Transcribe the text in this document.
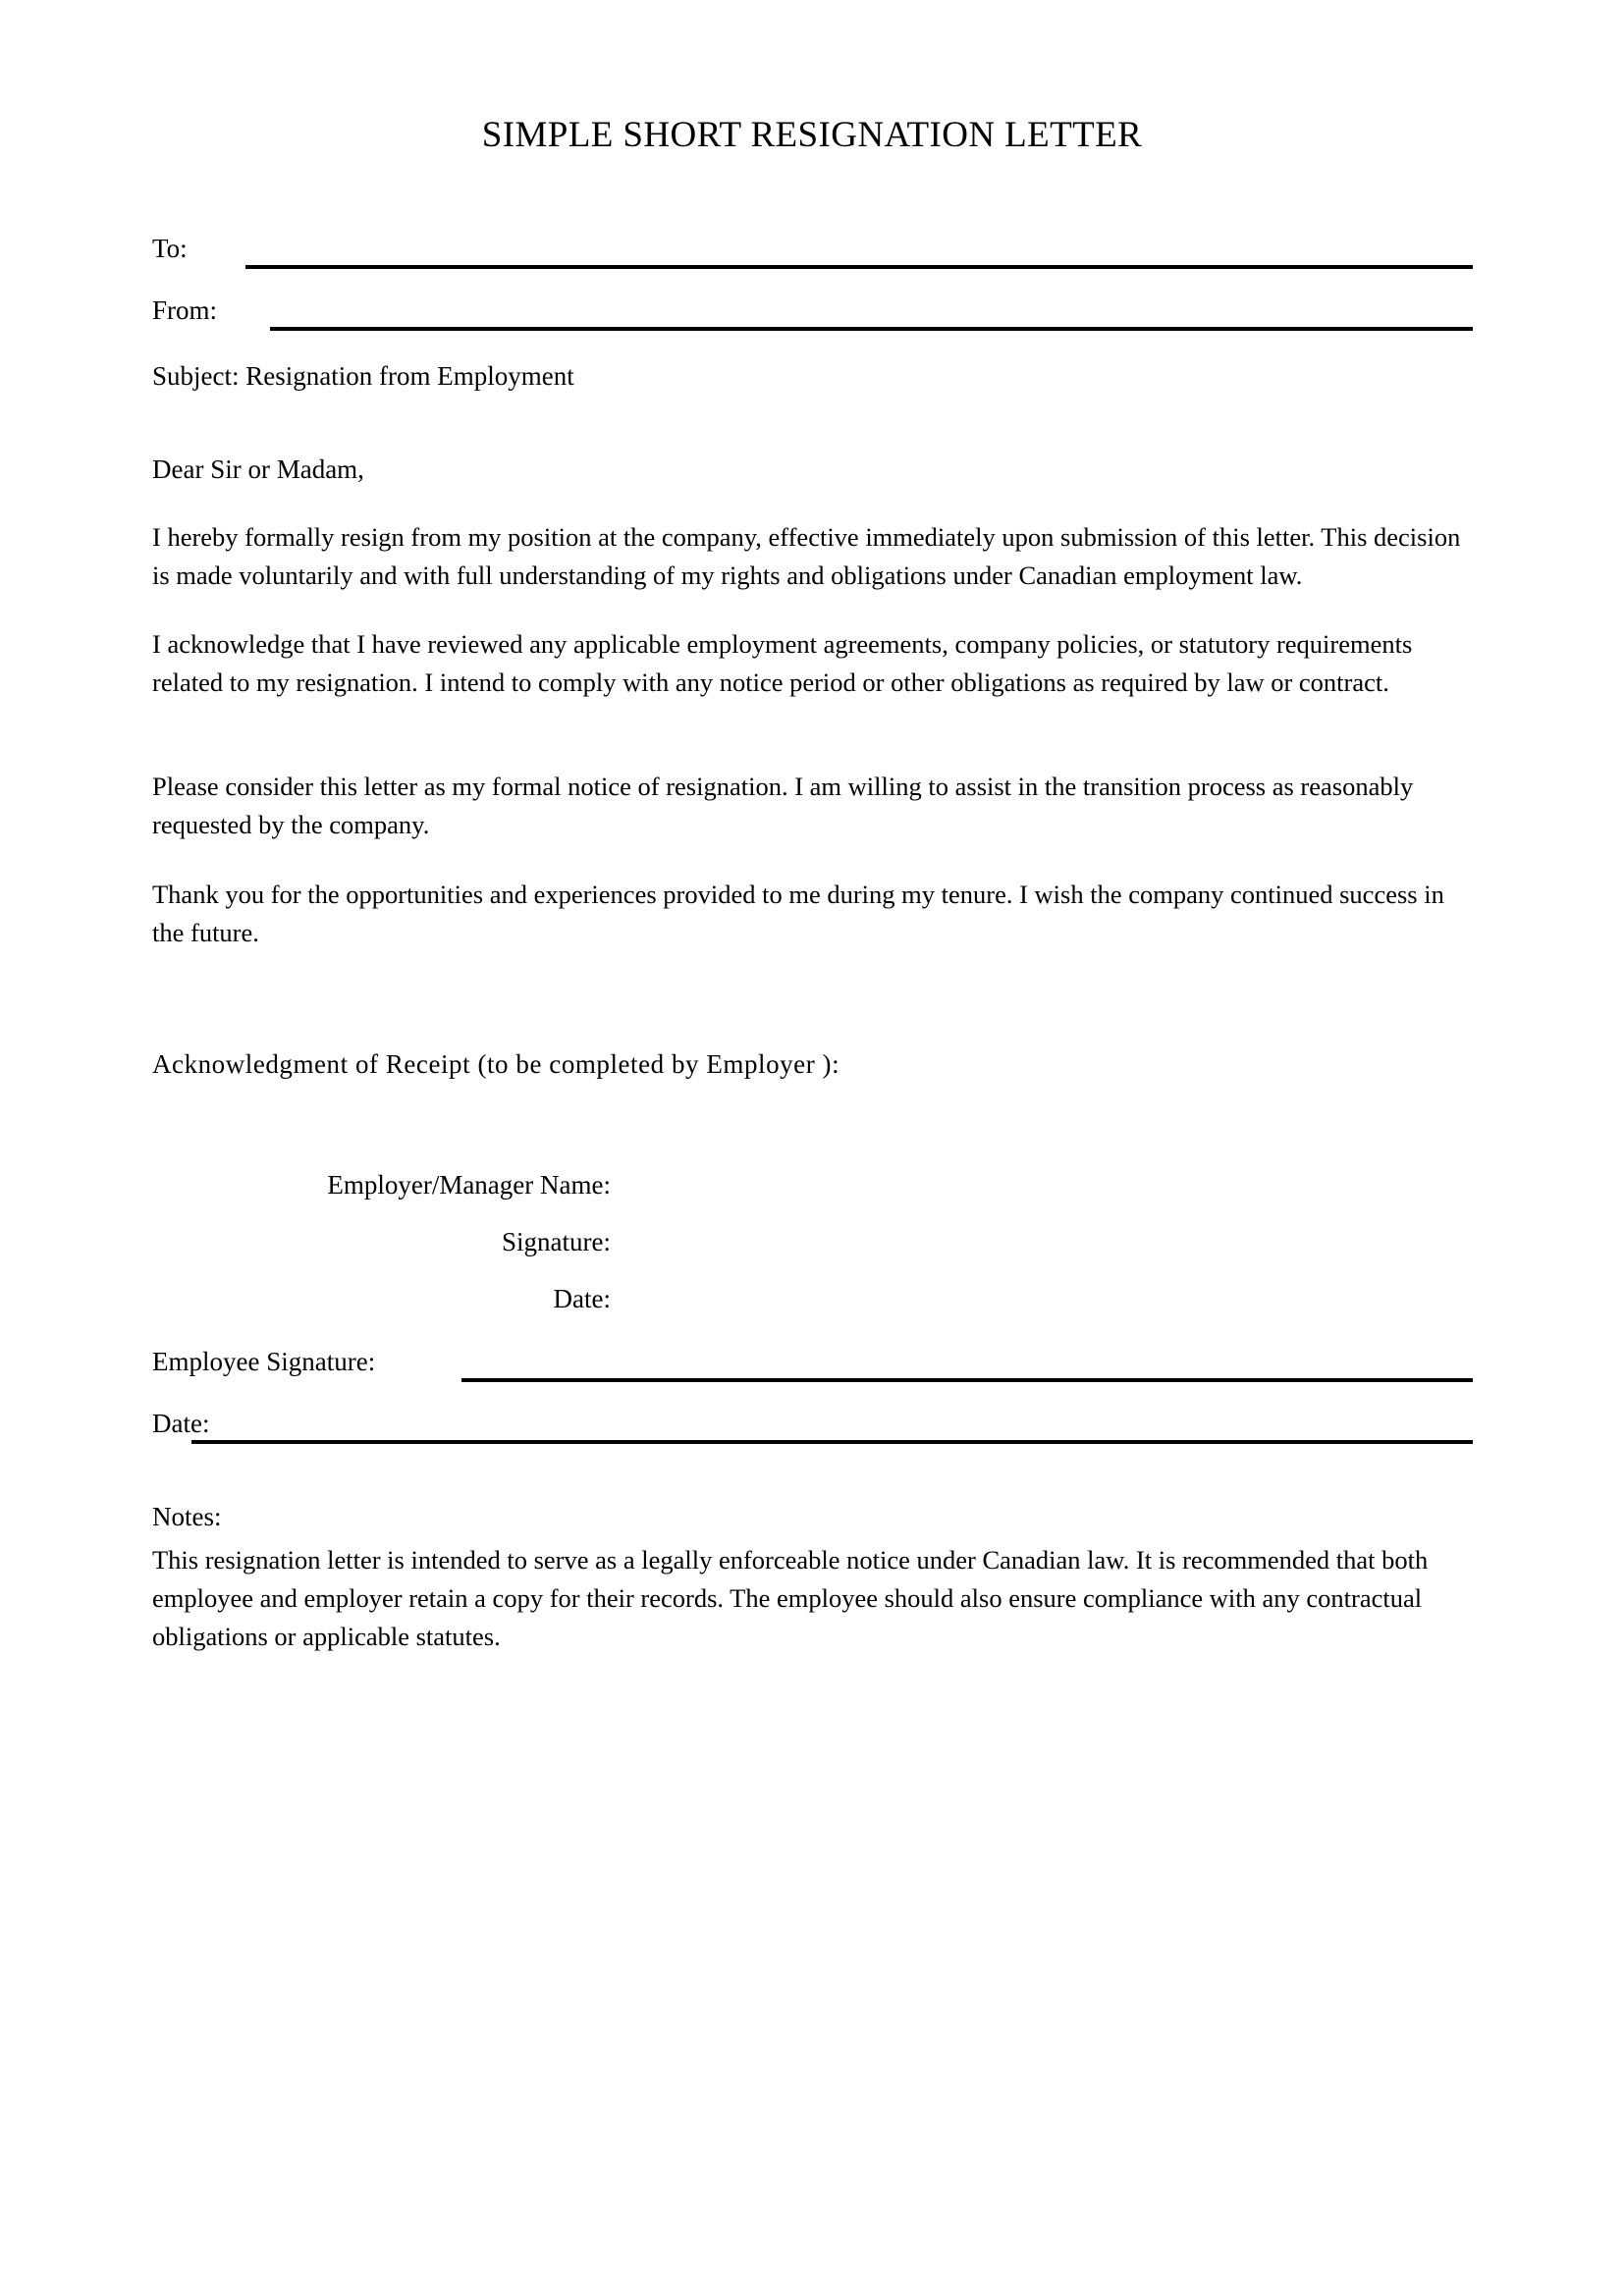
SIMPLE SHORT RESIGNATION LETTER
To:
From:
Subject: Resignation from Employment
Dear Sir or Madam,
I hereby formally resign from my position at the company, effective immediately upon submission of this letter. This decision is made voluntarily and with full understanding of my rights and obligations under Canadian employment law.
I acknowledge that I have reviewed any applicable employment agreements, company policies, or statutory requirements related to my resignation. I intend to comply with any notice period or other obligations as required by law or contract.
Please consider this letter as my formal notice of resignation. I am willing to assist in the transition process as reasonably requested by the company.
Thank you for the opportunities and experiences provided to me during my tenure. I wish the company continued success in the future.
Acknowledgment of Receipt (to be completed by Employer ):
Employer/Manager Name:
Signature:
Date:
Employee Signature:
Date:
Notes:
This resignation letter is intended to serve as a legally enforceable notice under Canadian law. It is recommended that both employee and employer retain a copy for their records. The employee should also ensure compliance with any contractual obligations or applicable statutes.
